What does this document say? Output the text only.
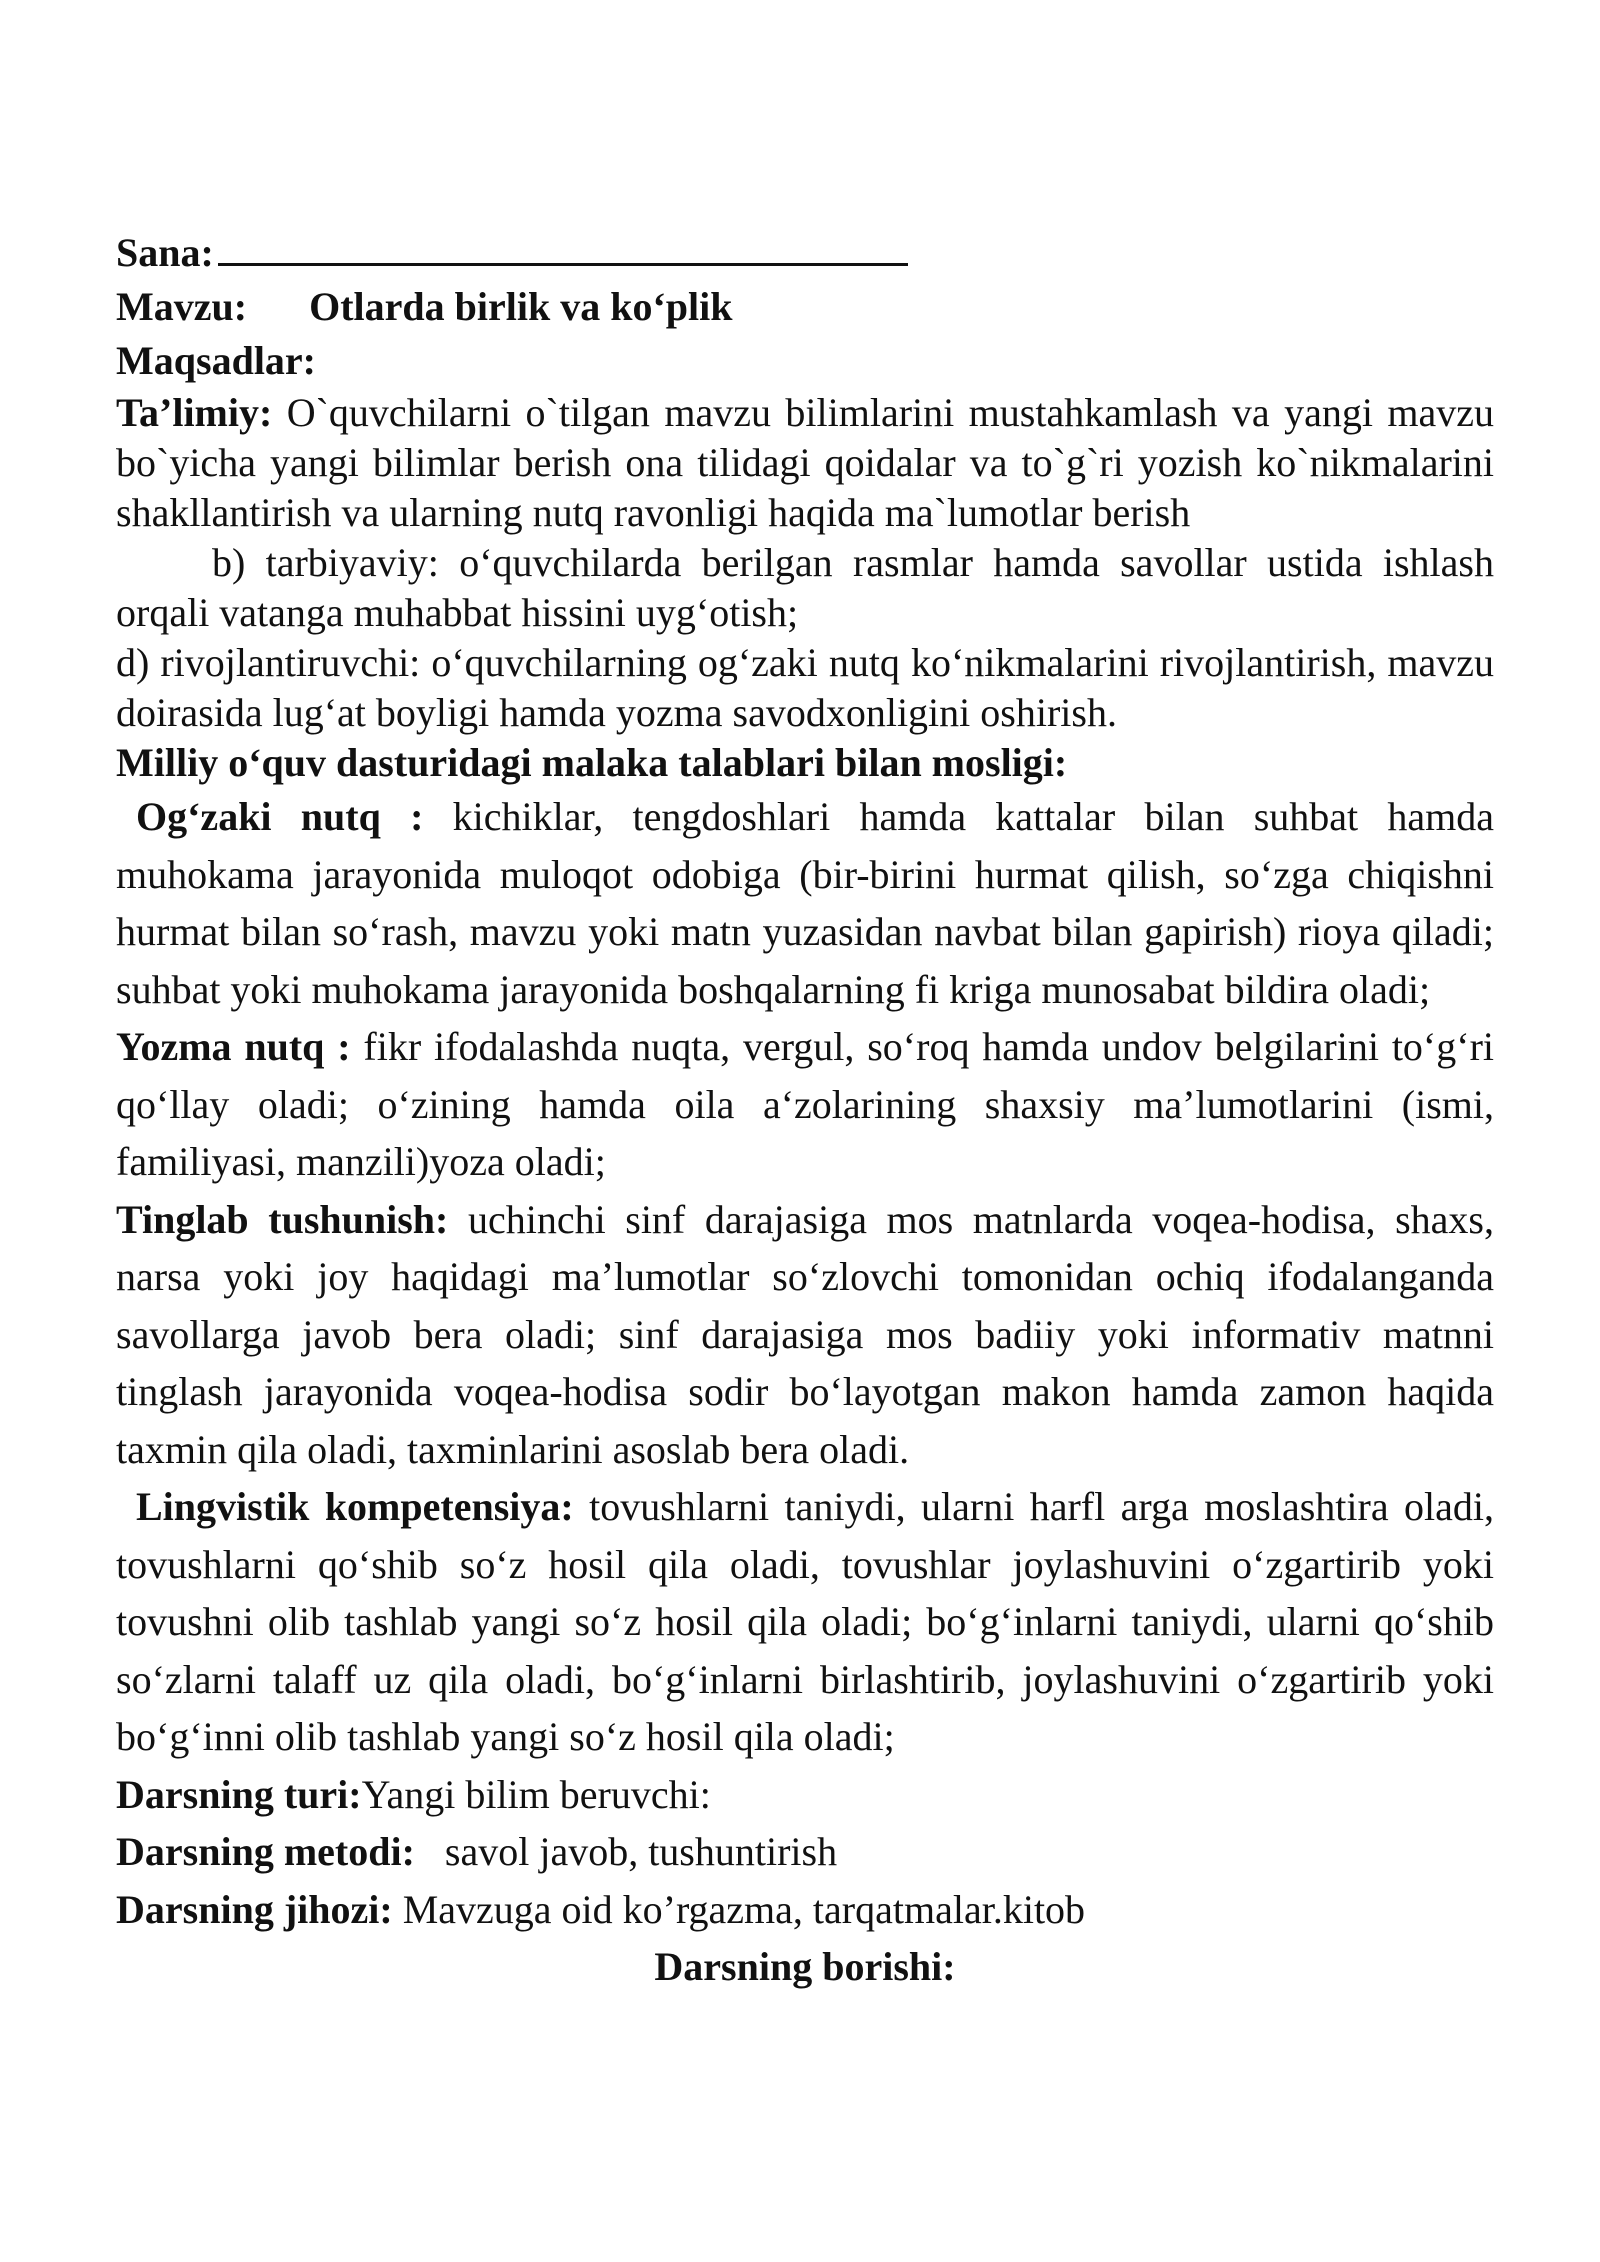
Sana:

Mavzu: Otlarda birlik va ko‘plik

Maqsadlar:

Ta’limiy: O`quvchilarni o`tilgan mavzu bilimlarini mustahkamlash va yangi mavzu bo`yicha yangi bilimlar berish ona tilidagi qoidalar va to`g`ri yozish ko`nikmalarini shakllantirish va ularning nutq ravonligi haqida ma`lumotlar berish

b) tarbiyaviy: o‘quvchilarda berilgan rasmlar hamda savollar ustida ishlash orqali vatanga muhabbat hissini uyg‘otish;

d) rivojlantiruvchi: o‘quvchilarning og‘zaki nutq ko‘nikmalarini rivojlantirish, mavzu doirasida lug‘at boyligi hamda yozma savodxonligini oshirish.

Milliy o‘quv dasturidagi malaka talablari bilan mosligi:

Og‘zaki nutq : kichiklar, tengdoshlari hamda kattalar bilan suhbat hamda muhokama jarayonida muloqot odobiga (bir-birini hurmat qilish, so‘zga chiqishni hurmat bilan so‘rash, mavzu yoki matn yuzasidan navbat bilan gapirish) rioya qiladi; suhbat yoki muhokama jarayonida boshqalarning fi kriga munosabat bildira oladi;

Yozma nutq : fikr ifodalashda nuqta, vergul, so‘roq hamda undov belgilarini to‘g‘ri qo‘llay oladi; o‘zining hamda oila a‘zolarining shaxsiy ma’lumotlarini (ismi, familiyasi, manzili)yoza oladi;

Tinglab tushunish: uchinchi sinf darajasiga mos matnlarda voqea-hodisa, shaxs, narsa yoki joy haqidagi ma’lumotlar so‘zlovchi tomonidan ochiq ifodalanganda savollarga javob bera oladi; sinf darajasiga mos badiiy yoki informativ matnni tinglash jarayonida voqea-hodisa sodir bo‘layotgan makon hamda zamon haqida taxmin qila oladi, taxminlarini asoslab bera oladi.

Lingvistik kompetensiya: tovushlarni taniydi, ularni harfl arga moslashtira oladi, tovushlarni qo‘shib so‘z hosil qila oladi, tovushlar joylashuvini o‘zgartirib yoki tovushni olib tashlab yangi so‘z hosil qila oladi; bo‘g‘inlarni taniydi, ularni qo‘shib so‘zlarni talaff uz qila oladi, bo‘g‘inlarni birlashtirib, joylashuvini o‘zgartirib yoki bo‘g‘inni olib tashlab yangi so‘z hosil qila oladi;

Darsning turi:Yangi bilim beruvchi:

Darsning metodi:   savol javob, tushuntirish

Darsning jihozi: Mavzuga oid ko’rgazma, tarqatmalar.kitob

Darsning borishi:
